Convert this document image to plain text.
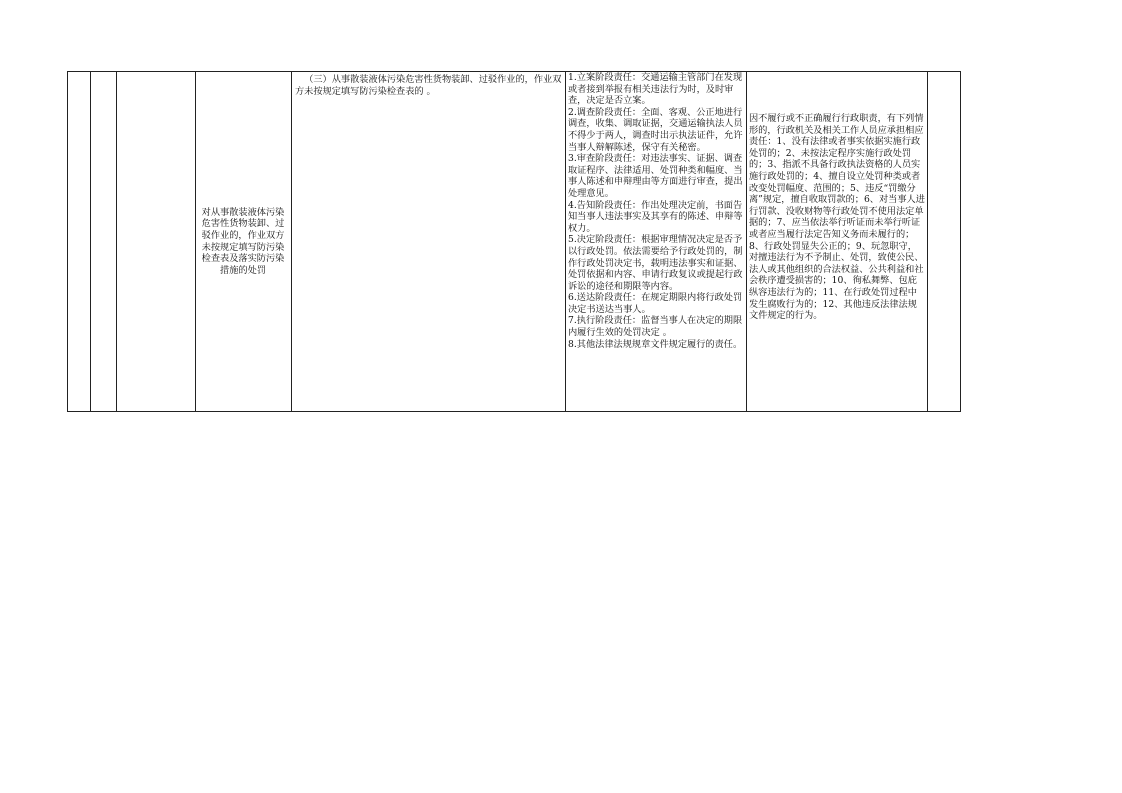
对从事散装液体污染危害性货物装卸、过驳作业的，作业双方未按规定填写防污染检查表及落实防污染措施的处罚
（三）从事散装液体污染危害性货物装卸、过驳作业的，作业双方未按规定填写防污染检查表的 。
1.立案阶段责任：交通运输主管部门在发现或者接到举报有相关违法行为时，及时审查，决定是否立案。
2.调查阶段责任：全面、客观、公正地进行调查，收集、调取证据，交通运输执法人员不得少于两人，调查时出示执法证件，允许当事人辩解陈述，保守有关秘密。
3.审查阶段责任：对违法事实、证据、调查取证程序、法律适用、处罚种类和幅度、当事人陈述和申辩理由等方面进行审查，提出处理意见。
4.告知阶段责任：作出处理决定前，书面告知当事人违法事实及其享有的陈述、申辩等权力。
5.决定阶段责任：根据审理情况决定是否予以行政处罚。依法需要给予行政处罚的，制作行政处罚决定书，载明违法事实和证据、处罚依据和内容、申请行政复议或提起行政诉讼的途径和期限等内容。
6.送达阶段责任：在规定期限内将行政处罚决定书送达当事人。
7.执行阶段责任：监督当事人在决定的期限内履行生效的处罚决定 。
8.其他法律法规规章文件规定履行的责任。
因不履行或不正确履行行政职责，有下列情形的，行政机关及相关工作人员应承担相应责任：1、没有法律或者事实依据实施行政处罚的；2、未按法定程序实施行政处罚的；3、指派不具备行政执法资格的人员实施行政处罚的；4、擅自设立处罚种类或者改变处罚幅度、范围的；5、违反“罚缴分离”规定，擅自收取罚款的；6、对当事人进行罚款、没收财物等行政处罚不使用法定单据的；7、应当依法举行听证而未举行听证或者应当履行法定告知义务而未履行的；8、行政处罚显失公正的；9、玩忽职守，对擅违法行为不予制止、处罚，致使公民、法人或其他组织的合法权益、公共利益和社会秩序遭受损害的；10、徇私舞弊、包庇纵容违法行为的；11、在行政处罚过程中发生腐败行为的；12、其他违反法律法规文件规定的行为。
